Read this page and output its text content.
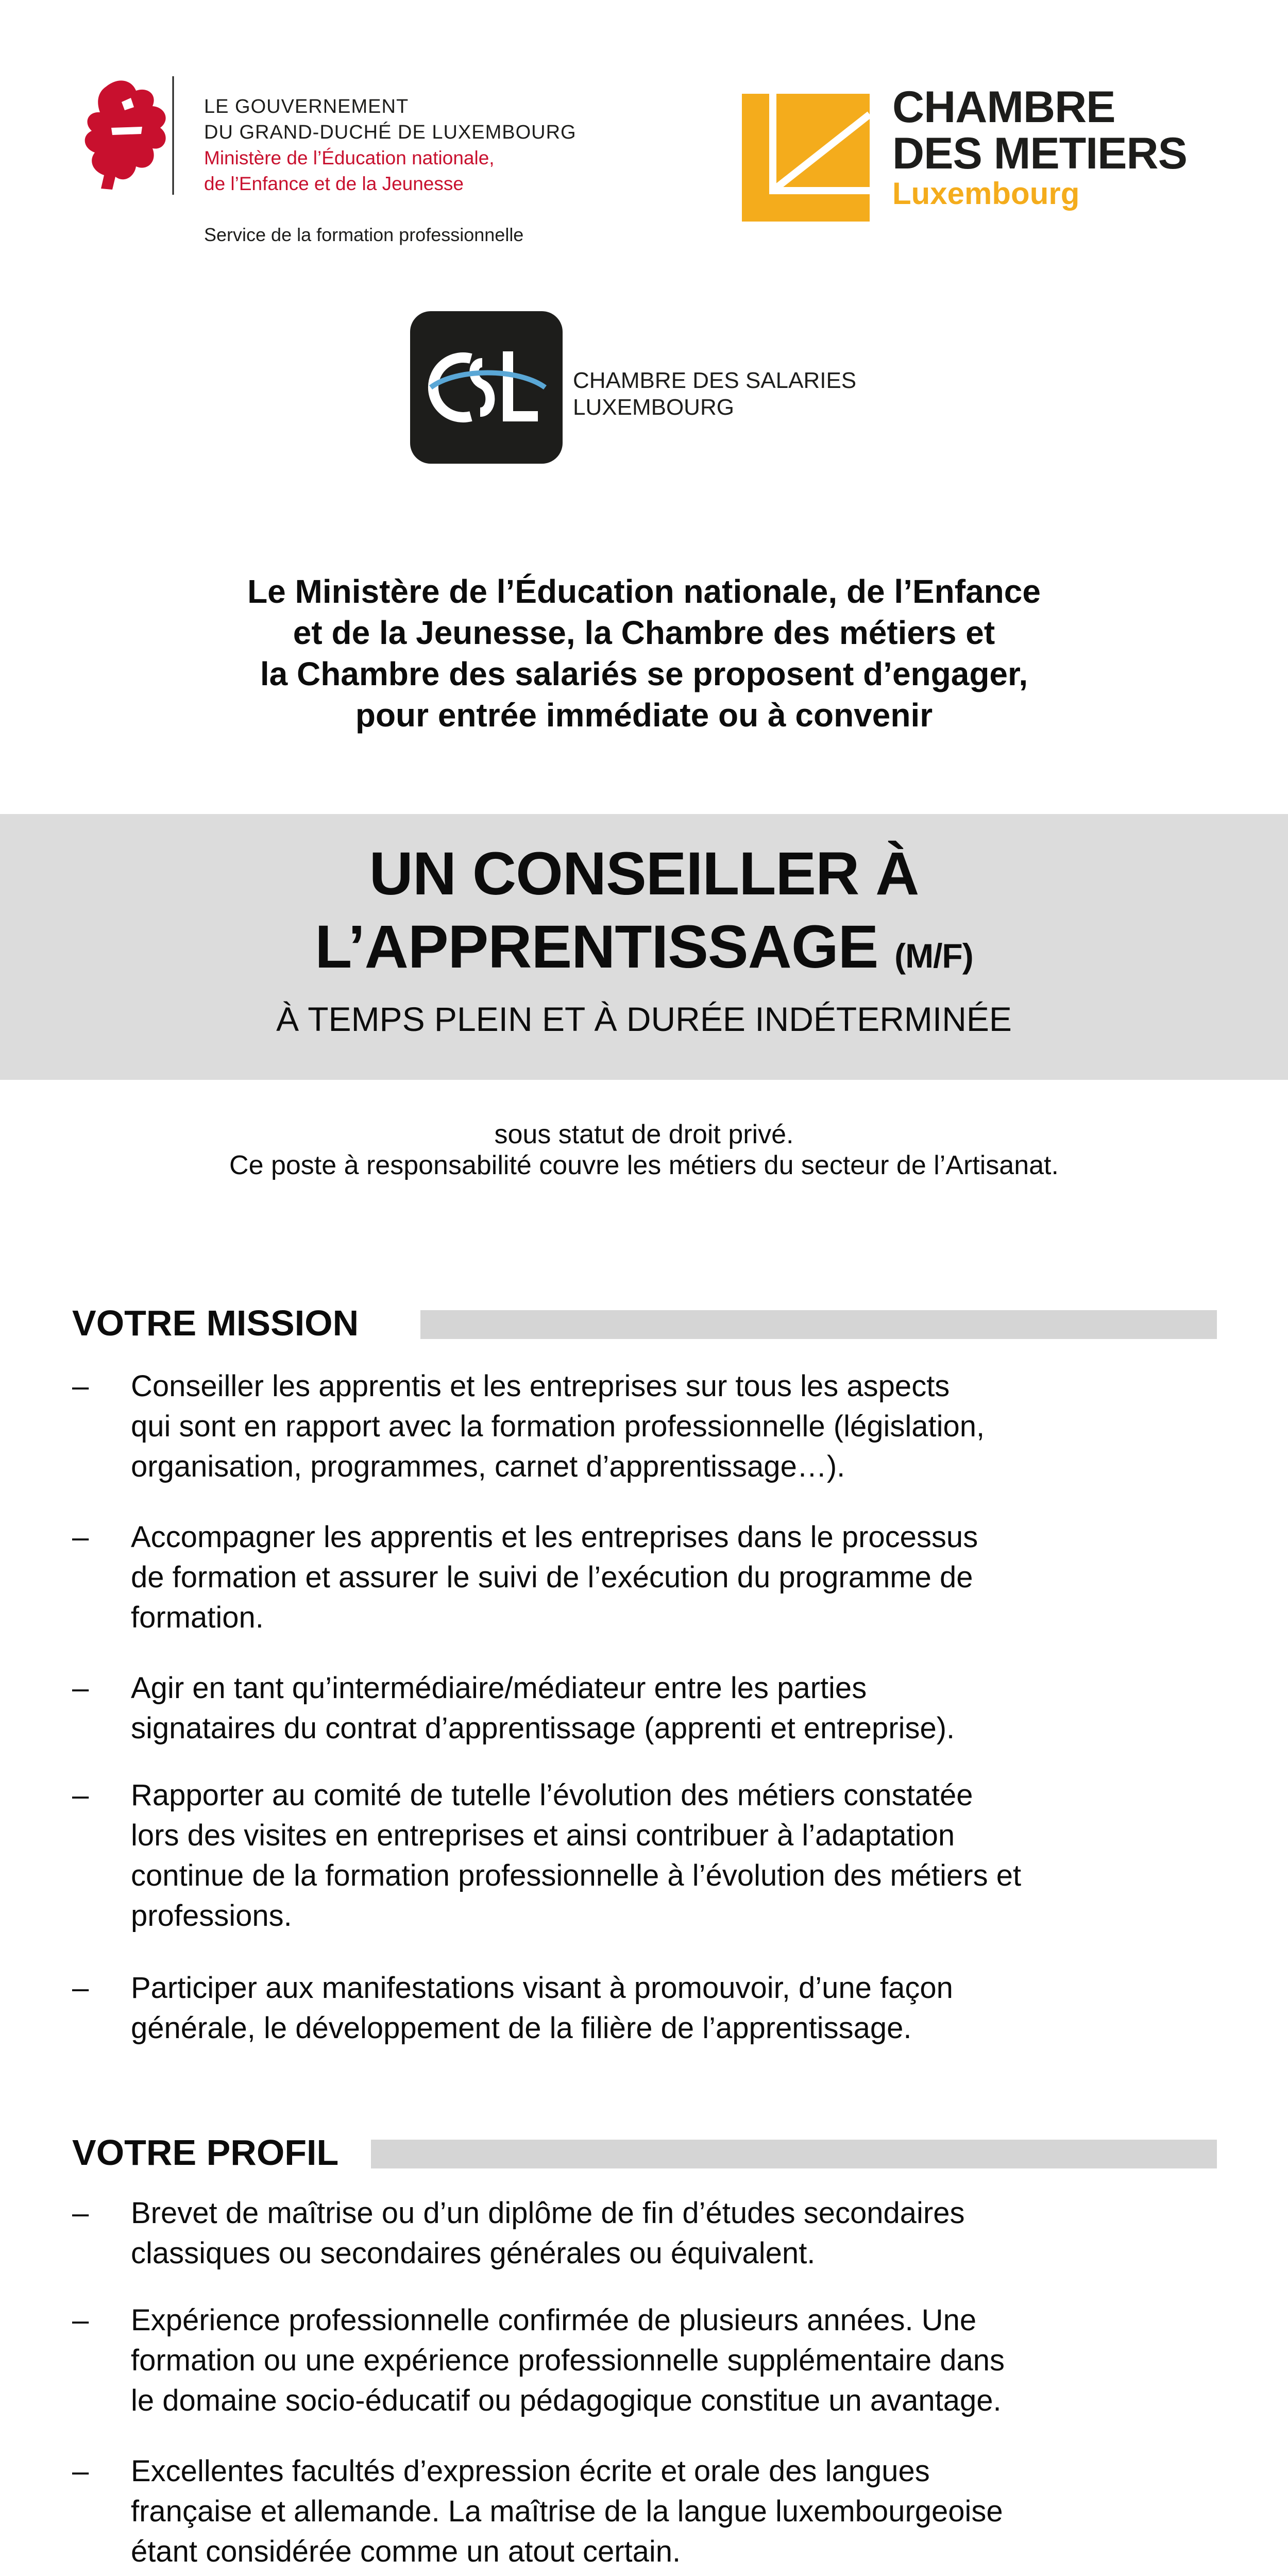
LE GOUVERNEMENT
DU GRAND-DUCHÉ DE LUXEMBOURG
Ministère de l’Éducation nationale,
de l’Enfance et de la Jeunesse
Service de la formation professionnelle
CHAMBRE
DES METIERS
Luxembourg
CHAMBRE DES SALARIES
LUXEMBOURG
Le Ministère de l’Éducation nationale, de l’Enfance
et de la Jeunesse, la Chambre des métiers et
la Chambre des salariés se proposent d’engager,
pour entrée immédiate ou à convenir
UN CONSEILLER À
L’APPRENTISSAGE (M/F)
À TEMPS PLEIN ET À DURÉE INDÉTERMINÉE
sous statut de droit privé.
Ce poste à responsabilité couvre les métiers du secteur de l’Artisanat.
VOTRE MISSION
– Conseiller les apprentis et les entreprises sur tous les aspects
qui sont en rapport avec la formation professionnelle (législation,
organisation, programmes, carnet d’apprentissage…).
– Accompagner les apprentis et les entreprises dans le processus
de formation et assurer le suivi de l’exécution du programme de
formation.
– Agir en tant qu’intermédiaire/médiateur entre les parties
signataires du contrat d’apprentissage (apprenti et entreprise).
– Rapporter au comité de tutelle l’évolution des métiers constatée
lors des visites en entreprises et ainsi contribuer à l’adaptation
continue de la formation professionnelle à l’évolution des métiers et
professions.
– Participer aux manifestations visant à promouvoir, d’une façon
générale, le développement de la filière de l’apprentissage.
VOTRE PROFIL
– Brevet de maîtrise ou d’un diplôme de fin d’études secondaires
classiques ou secondaires générales ou équivalent.
– Expérience professionnelle confirmée de plusieurs années. Une
formation ou une expérience professionnelle supplémentaire dans
le domaine socio-éducatif ou pédagogique constitue un avantage.
– Excellentes facultés d’expression écrite et orale des langues
française et allemande. La maîtrise de la langue luxembourgeoise
étant considérée comme un atout certain.
